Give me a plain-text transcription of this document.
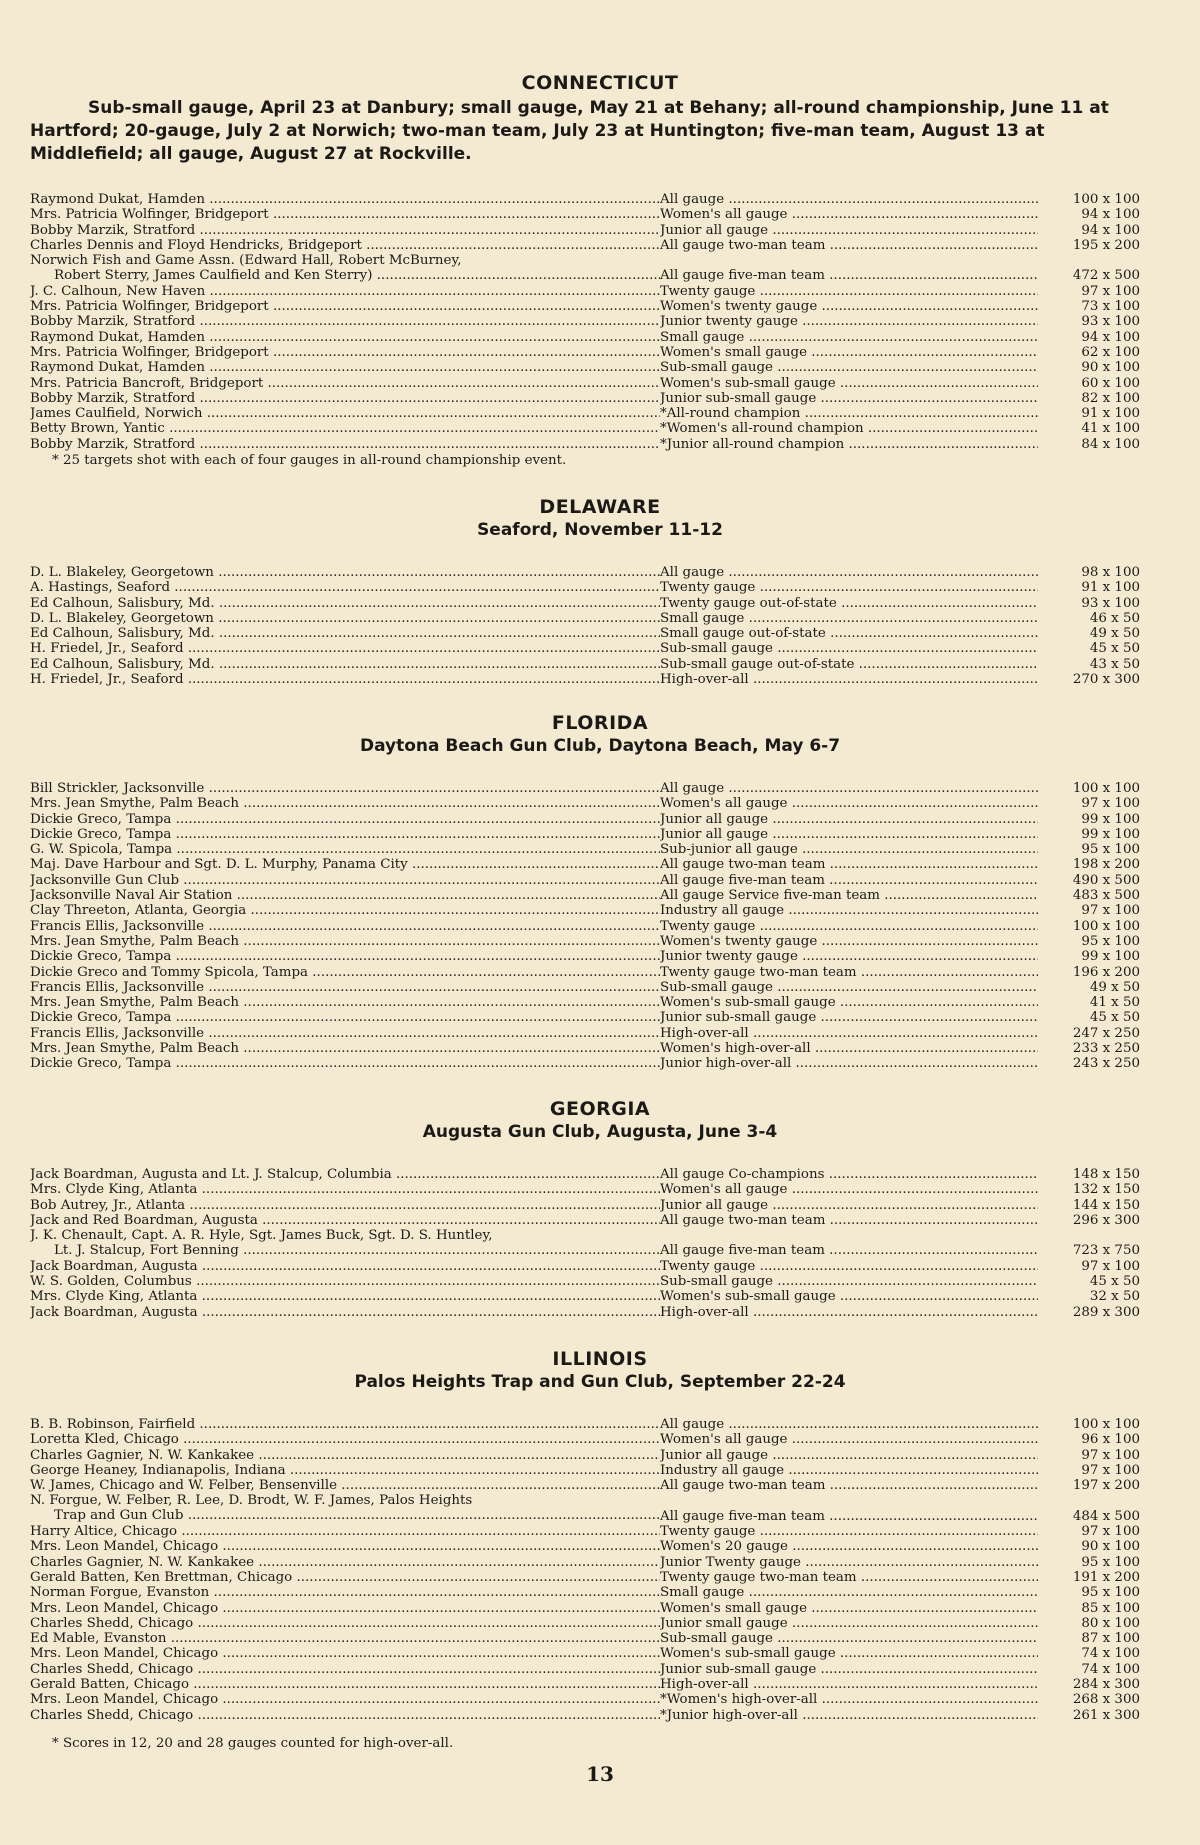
CONNECTICUT
Sub-small gauge, April 23 at Danbury; small gauge, May 21 at Behany; all-round championship, June 11 at Hartford; 20-gauge, July 2 at Norwich; two-man team, July 23 at Huntington; five-man team, August 13 at Middlefield; all gauge, August 27 at Rockville.
Raymond Dukat, Hamden .....	All gauge .....	100 x 100
Mrs. Patricia Wolfinger, Bridgeport .....	Women's all gauge .....	94 x 100
Bobby Marzik, Stratford .....	Junior all gauge .....	94 x 100
Charles Dennis and Floyd Hendricks, Bridgeport .....	All gauge two-man team .....	195 x 200
Norwich Fish and Game Assn. (Edward Hall, Robert McBurney,
Robert Sterry, James Caulfield and Ken Sterry) .....	All gauge five-man team .....	472 x 500
J. C. Calhoun, New Haven .....	Twenty gauge .....	97 x 100
Mrs. Patricia Wolfinger, Bridgeport .....	Women's twenty gauge .....	73 x 100
Bobby Marzik, Stratford .....	Junior twenty gauge .....	93 x 100
Raymond Dukat, Hamden .....	Small gauge .....	94 x 100
Mrs. Patricia Wolfinger, Bridgeport .....	Women's small gauge .....	62 x 100
Raymond Dukat, Hamden .....	Sub-small gauge .....	90 x 100
Mrs. Patricia Bancroft, Bridgeport .....	Women's sub-small gauge .....	60 x 100
Bobby Marzik, Stratford .....	Junior sub-small gauge .....	82 x 100
James Caulfield, Norwich .....	*All-round champion .....	91 x 100
Betty Brown, Yantic .....	*Women's all-round champion .....	41 x 100
Bobby Marzik, Stratford .....	*Junior all-round champion .....	84 x 100
* 25 targets shot with each of four gauges in all-round championship event.
DELAWARE
Seaford, November 11-12
D. L. Blakeley, Georgetown .....	All gauge .....	98 x 100
A. Hastings, Seaford .....	Twenty gauge .....	91 x 100
Ed Calhoun, Salisbury, Md. .....	Twenty gauge out-of-state .....	93 x 100
D. L. Blakeley, Georgetown .....	Small gauge .....	46 x 50
Ed Calhoun, Salisbury, Md. .....	Small gauge out-of-state .....	49 x 50
H. Friedel, Jr., Seaford .....	Sub-small gauge .....	45 x 50
Ed Calhoun, Salisbury, Md. .....	Sub-small gauge out-of-state .....	43 x 50
H. Friedel, Jr., Seaford .....	High-over-all .....	270 x 300
FLORIDA
Daytona Beach Gun Club, Daytona Beach, May 6-7
Bill Strickler, Jacksonville .....	All gauge .....	100 x 100
Mrs. Jean Smythe, Palm Beach .....	Women's all gauge .....	97 x 100
Dickie Greco, Tampa .....	Junior all gauge .....	99 x 100
Dickie Greco, Tampa .....	Junior all gauge .....	99 x 100
G. W. Spicola, Tampa .....	Sub-junior all gauge .....	95 x 100
Maj. Dave Harbour and Sgt. D. L. Murphy, Panama City .....	All gauge two-man team .....	198 x 200
Jacksonville Gun Club .....	All gauge five-man team .....	490 x 500
Jacksonville Naval Air Station .....	All gauge Service five-man team .....	483 x 500
Clay Threeton, Atlanta, Georgia .....	Industry all gauge .....	97 x 100
Francis Ellis, Jacksonville .....	Twenty gauge .....	100 x 100
Mrs. Jean Smythe, Palm Beach .....	Women's twenty gauge .....	95 x 100
Dickie Greco, Tampa .....	Junior twenty gauge .....	99 x 100
Dickie Greco and Tommy Spicola, Tampa .....	Twenty gauge two-man team .....	196 x 200
Francis Ellis, Jacksonville .....	Sub-small gauge .....	49 x 50
Mrs. Jean Smythe, Palm Beach .....	Women's sub-small gauge .....	41 x 50
Dickie Greco, Tampa .....	Junior sub-small gauge .....	45 x 50
Francis Ellis, Jacksonville .....	High-over-all .....	247 x 250
Mrs. Jean Smythe, Palm Beach .....	Women's high-over-all .....	233 x 250
Dickie Greco, Tampa .....	Junior high-over-all .....	243 x 250
GEORGIA
Augusta Gun Club, Augusta, June 3-4
Jack Boardman, Augusta and Lt. J. Stalcup, Columbia .....	All gauge Co-champions .....	148 x 150
Mrs. Clyde King, Atlanta .....	Women's all gauge .....	132 x 150
Bob Autrey, Jr., Atlanta .....	Junior all gauge .....	144 x 150
Jack and Red Boardman, Augusta .....	All gauge two-man team .....	296 x 300
J. K. Chenault, Capt. A. R. Hyle, Sgt. James Buck, Sgt. D. S. Huntley,
Lt. J. Stalcup, Fort Benning .....	All gauge five-man team .....	723 x 750
Jack Boardman, Augusta .....	Twenty gauge .....	97 x 100
W. S. Golden, Columbus .....	Sub-small gauge .....	45 x 50
Mrs. Clyde King, Atlanta .....	Women's sub-small gauge .....	32 x 50
Jack Boardman, Augusta .....	High-over-all .....	289 x 300
ILLINOIS
Palos Heights Trap and Gun Club, September 22-24
B. B. Robinson, Fairfield .....	All gauge .....	100 x 100
Loretta Kled, Chicago .....	Women's all gauge .....	96 x 100
Charles Gagnier, N. W. Kankakee .....	Junior all gauge .....	97 x 100
George Heaney, Indianapolis, Indiana .....	Industry all gauge .....	97 x 100
W. James, Chicago and W. Felber, Bensenville .....	All gauge two-man team .....	197 x 200
N. Forgue, W. Felber, R. Lee, D. Brodt, W. F. James, Palos Heights
Trap and Gun Club .....	All gauge five-man team .....	484 x 500
Harry Altice, Chicago .....	Twenty gauge .....	97 x 100
Mrs. Leon Mandel, Chicago .....	Women's 20 gauge .....	90 x 100
Charles Gagnier, N. W. Kankakee .....	Junior Twenty gauge .....	95 x 100
Gerald Batten, Ken Brettman, Chicago .....	Twenty gauge two-man team .....	191 x 200
Norman Forgue, Evanston .....	Small gauge .....	95 x 100
Mrs. Leon Mandel, Chicago .....	Women's small gauge .....	85 x 100
Charles Shedd, Chicago .....	Junior small gauge .....	80 x 100
Ed Mable, Evanston .....	Sub-small gauge .....	87 x 100
Mrs. Leon Mandel, Chicago .....	Women's sub-small gauge .....	74 x 100
Charles Shedd, Chicago .....	Junior sub-small gauge .....	74 x 100
Gerald Batten, Chicago .....	High-over-all .....	284 x 300
Mrs. Leon Mandel, Chicago .....	*Women's high-over-all .....	268 x 300
Charles Shedd, Chicago .....	*Junior high-over-all .....	261 x 300
* Scores in 12, 20 and 28 gauges counted for high-over-all.
13
